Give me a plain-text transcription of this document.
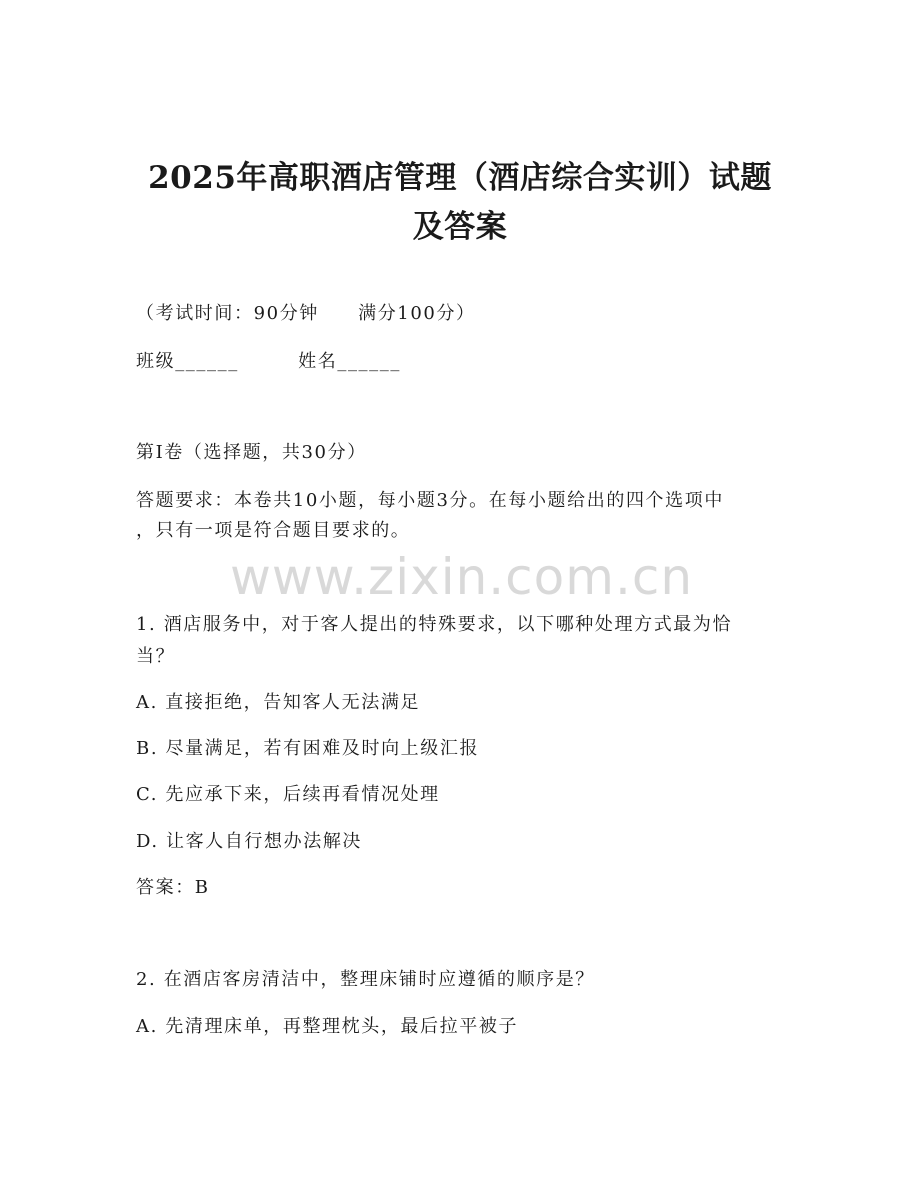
2025年高职酒店管理（酒店综合实训）试题
及答案
（考试时间：90分钟　　满分100分）
班级______	姓名______
第I卷（选择题，共30分）
答题要求：本卷共10小题，每小题3分。在每小题给出的四个选项中
，只有一项是符合题目要求的。
www.zixin.com.cn
1. 酒店服务中，对于客人提出的特殊要求，以下哪种处理方式最为恰
当？
A. 直接拒绝，告知客人无法满足
B. 尽量满足，若有困难及时向上级汇报
C. 先应承下来，后续再看情况处理
D. 让客人自行想办法解决
答案：B
2. 在酒店客房清洁中，整理床铺时应遵循的顺序是？
A. 先清理床单，再整理枕头，最后拉平被子
